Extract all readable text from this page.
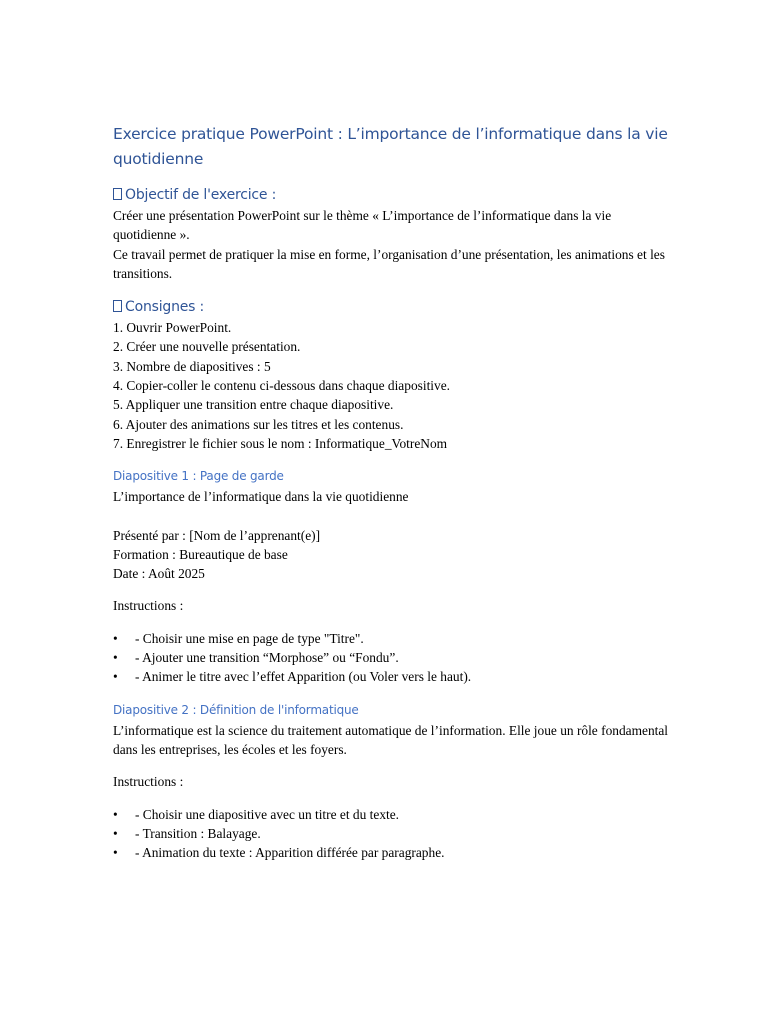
Exercice pratique PowerPoint : L’importance de l’informatique dans la vie quotidienne
Objectif de l'exercice :

Créer une présentation PowerPoint sur le thème « L’importance de l’informatique dans la vie quotidienne ».

Ce travail permet de pratiquer la mise en forme, l’organisation d’une présentation, les animations et les transitions.

Consignes :
1. Ouvrir PowerPoint.
2. Créer une nouvelle présentation.
3. Nombre de diapositives : 5
4. Copier-coller le contenu ci-dessous dans chaque diapositive.
5. Appliquer une transition entre chaque diapositive.
6. Ajouter des animations sur les titres et les contenus.
7. Enregistrer le fichier sous le nom : Informatique_VotreNom
Diapositive 1 : Page de garde

L’importance de l’informatique dans la vie quotidienne

Présenté par : [Nom de l’apprenant(e)]

Formation : Bureautique de base

Date : Août 2025

Instructions :

• - Choisir une mise en page de type "Titre".
• - Ajouter une transition “Morphose” ou “Fondu”.
• - Animer le titre avec l’effet Apparition (ou Voler vers le haut).
Diapositive 2 : Définition de l'informatique

L’informatique est la science du traitement automatique de l’information. Elle joue un rôle fondamental dans les entreprises, les écoles et les foyers.

Instructions :

• - Choisir une diapositive avec un titre et du texte.
• - Transition : Balayage.
• - Animation du texte : Apparition différée par paragraphe.
